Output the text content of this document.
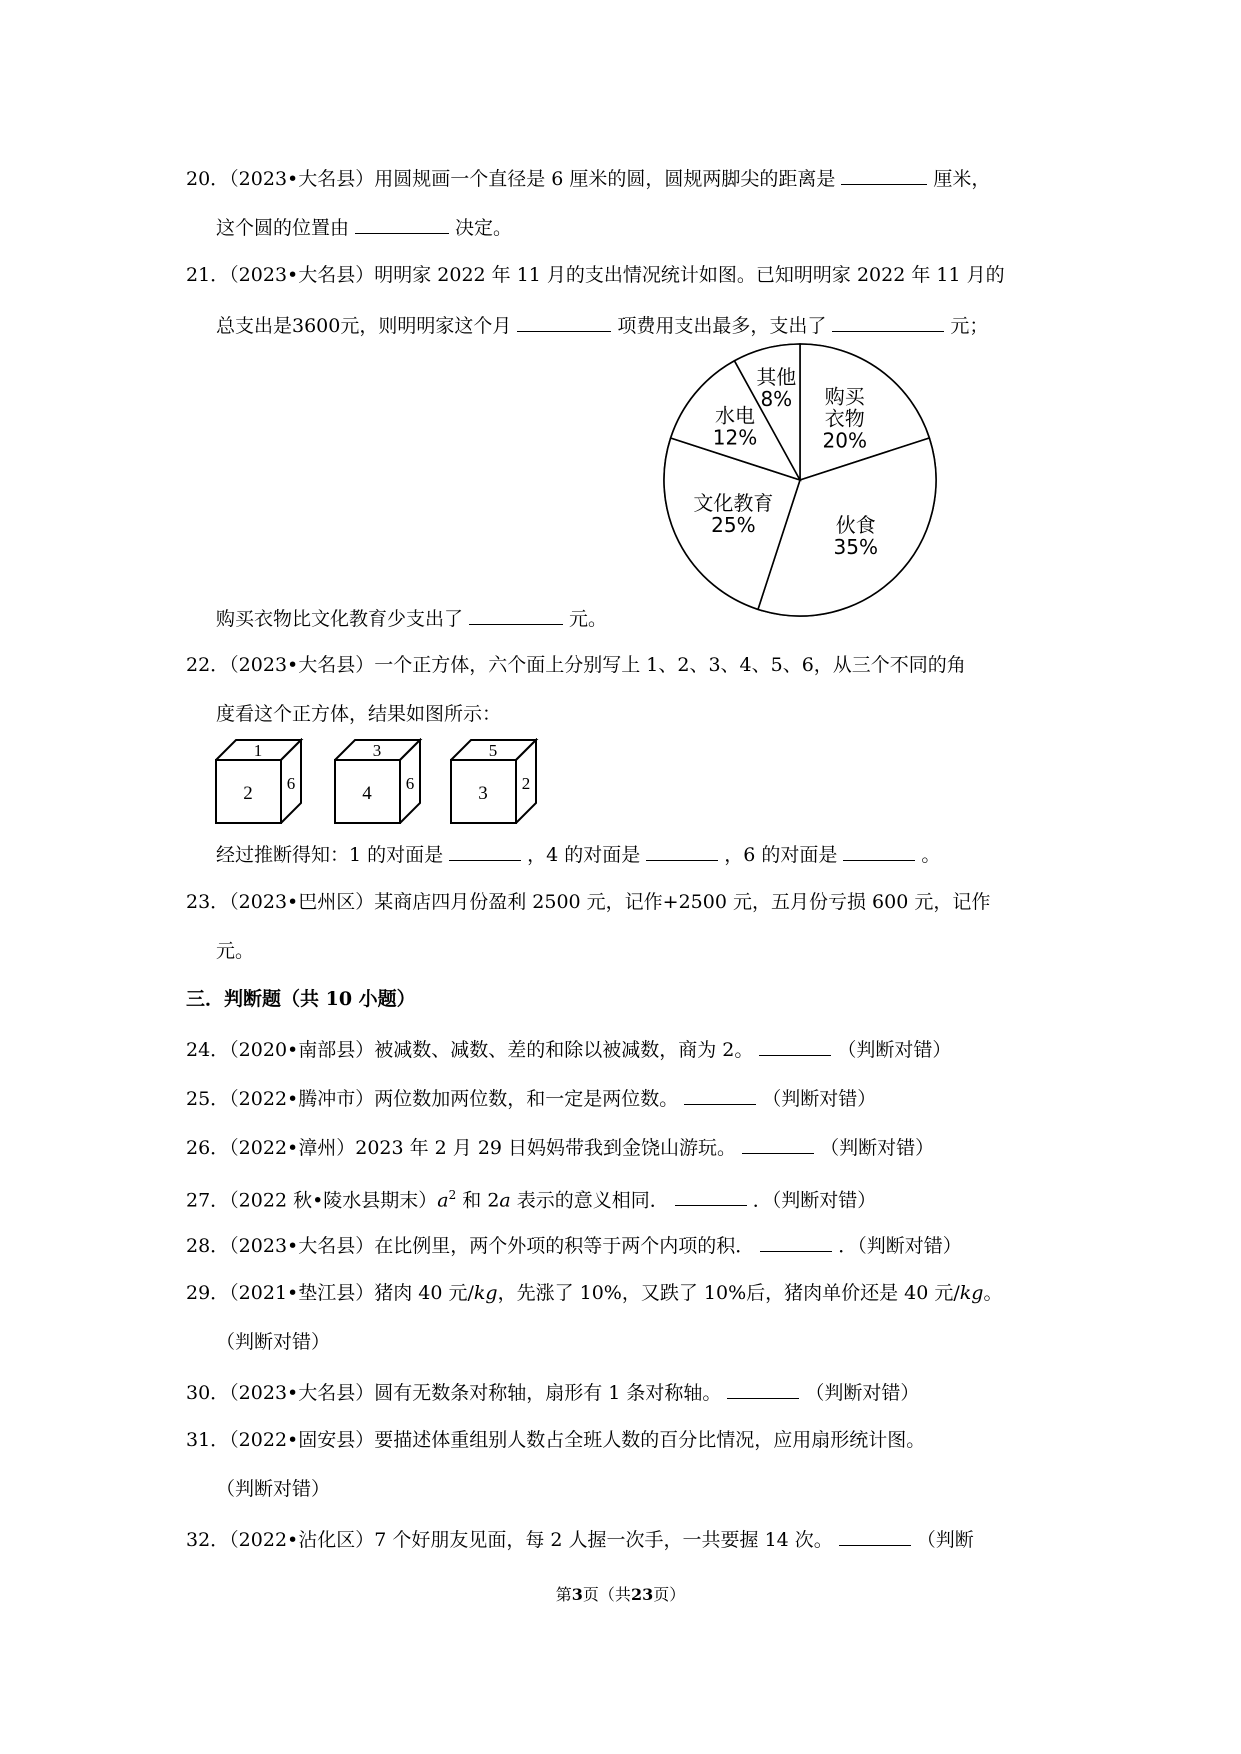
20．（2023•大名县）用圆规画一个直径是 6 厘米的圆，圆规两脚尖的距离是	厘米，
这个圆的位置由	决定。
21．（2023•大名县）明明家 2022 年 11 月的支出情况统计如图。已知明明家 2022 年 11 月的
总支出是3600元，则明明家这个月	项费用支出最多，支出了	元；
购买
衣物
20%
伙食
35%
文化教育
25%
水电
12%
其他
8%
购买衣物比文化教育少支出了	元。
22．（2023•大名县）一个正方体，六个面上分别写上 1、2、3、4、5、6，从三个不同的角
度看这个正方体，结果如图所示：
1
2 6
3
4 6
5
3 2
经过推断得知：1 的对面是	，4 的对面是	，6 的对面是	。
23．（2023•巴州区）某商店四月份盈利 2500 元，记作+2500 元，五月份亏损 600 元，记作
元。
三．判断题（共 10 小题）
24．（2020•南部县）被减数、减数、差的和除以被减数，商为 2。	（判断对错）
25．（2022•腾冲市）两位数加两位数，和一定是两位数。	（判断对错）
26．（2022•漳州）2023 年 2 月 29 日妈妈带我到金饶山游玩。	（判断对错）
27．（2022 秋•陵水县期末）$a^2$ 和 2a 表示的意义相同．	．（判断对错）
28．（2023•大名县）在比例里，两个外项的积等于两个内项的积．	．（判断对错）
29．（2021•垫江县）猪肉 40 元/kg，先涨了 10%，又跌了 10%后，猪肉单价还是 40 元/kg。
（判断对错）
30．（2023•大名县）圆有无数条对称轴，扇形有 1 条对称轴。	（判断对错）
31．（2022•固安县）要描述体重组别人数占全班人数的百分比情况，应用扇形统计图。
（判断对错）
32．（2022•沾化区）7 个好朋友见面，每 2 人握一次手，一共要握 14 次。	（判断
第3页（共23页）
